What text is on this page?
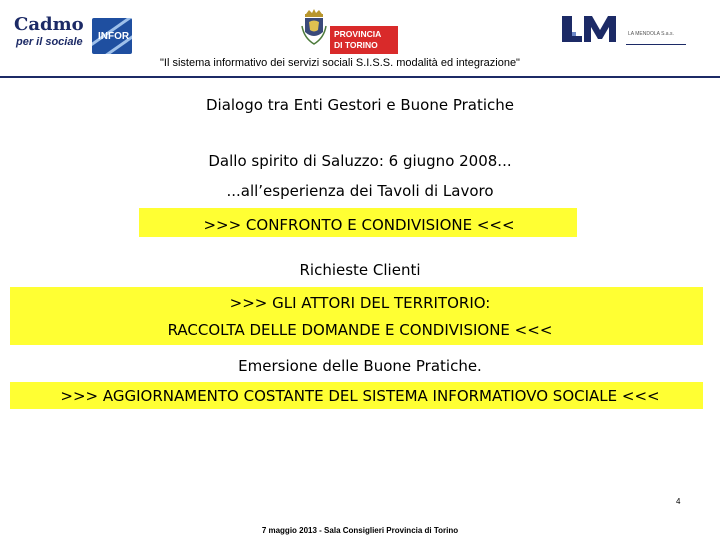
Cadmo
per il sociale INFOR	PROVINCIA
DI TORINO
LA MENDOLA S.a.s.
"Il sistema informativo dei servizi sociali S.I.S.S. modalità ed integrazione"
Dialogo tra Enti Gestori e Buone Pratiche
Dallo spirito di Saluzzo: 6 giugno 2008...
...all’esperienza dei Tavoli di Lavoro
>>> CONFRONTO E CONDIVISIONE <<<
Richieste Clienti
>>> GLI ATTORI DEL TERRITORIO:
RACCOLTA DELLE DOMANDE E CONDIVISIONE <<<
Emersione delle Buone Pratiche.
>>> AGGIORNAMENTO COSTANTE DEL SISTEMA INFORMATIOVO SOCIALE <<<
4
7 maggio 2013 - Sala Consiglieri Provincia di Torino
